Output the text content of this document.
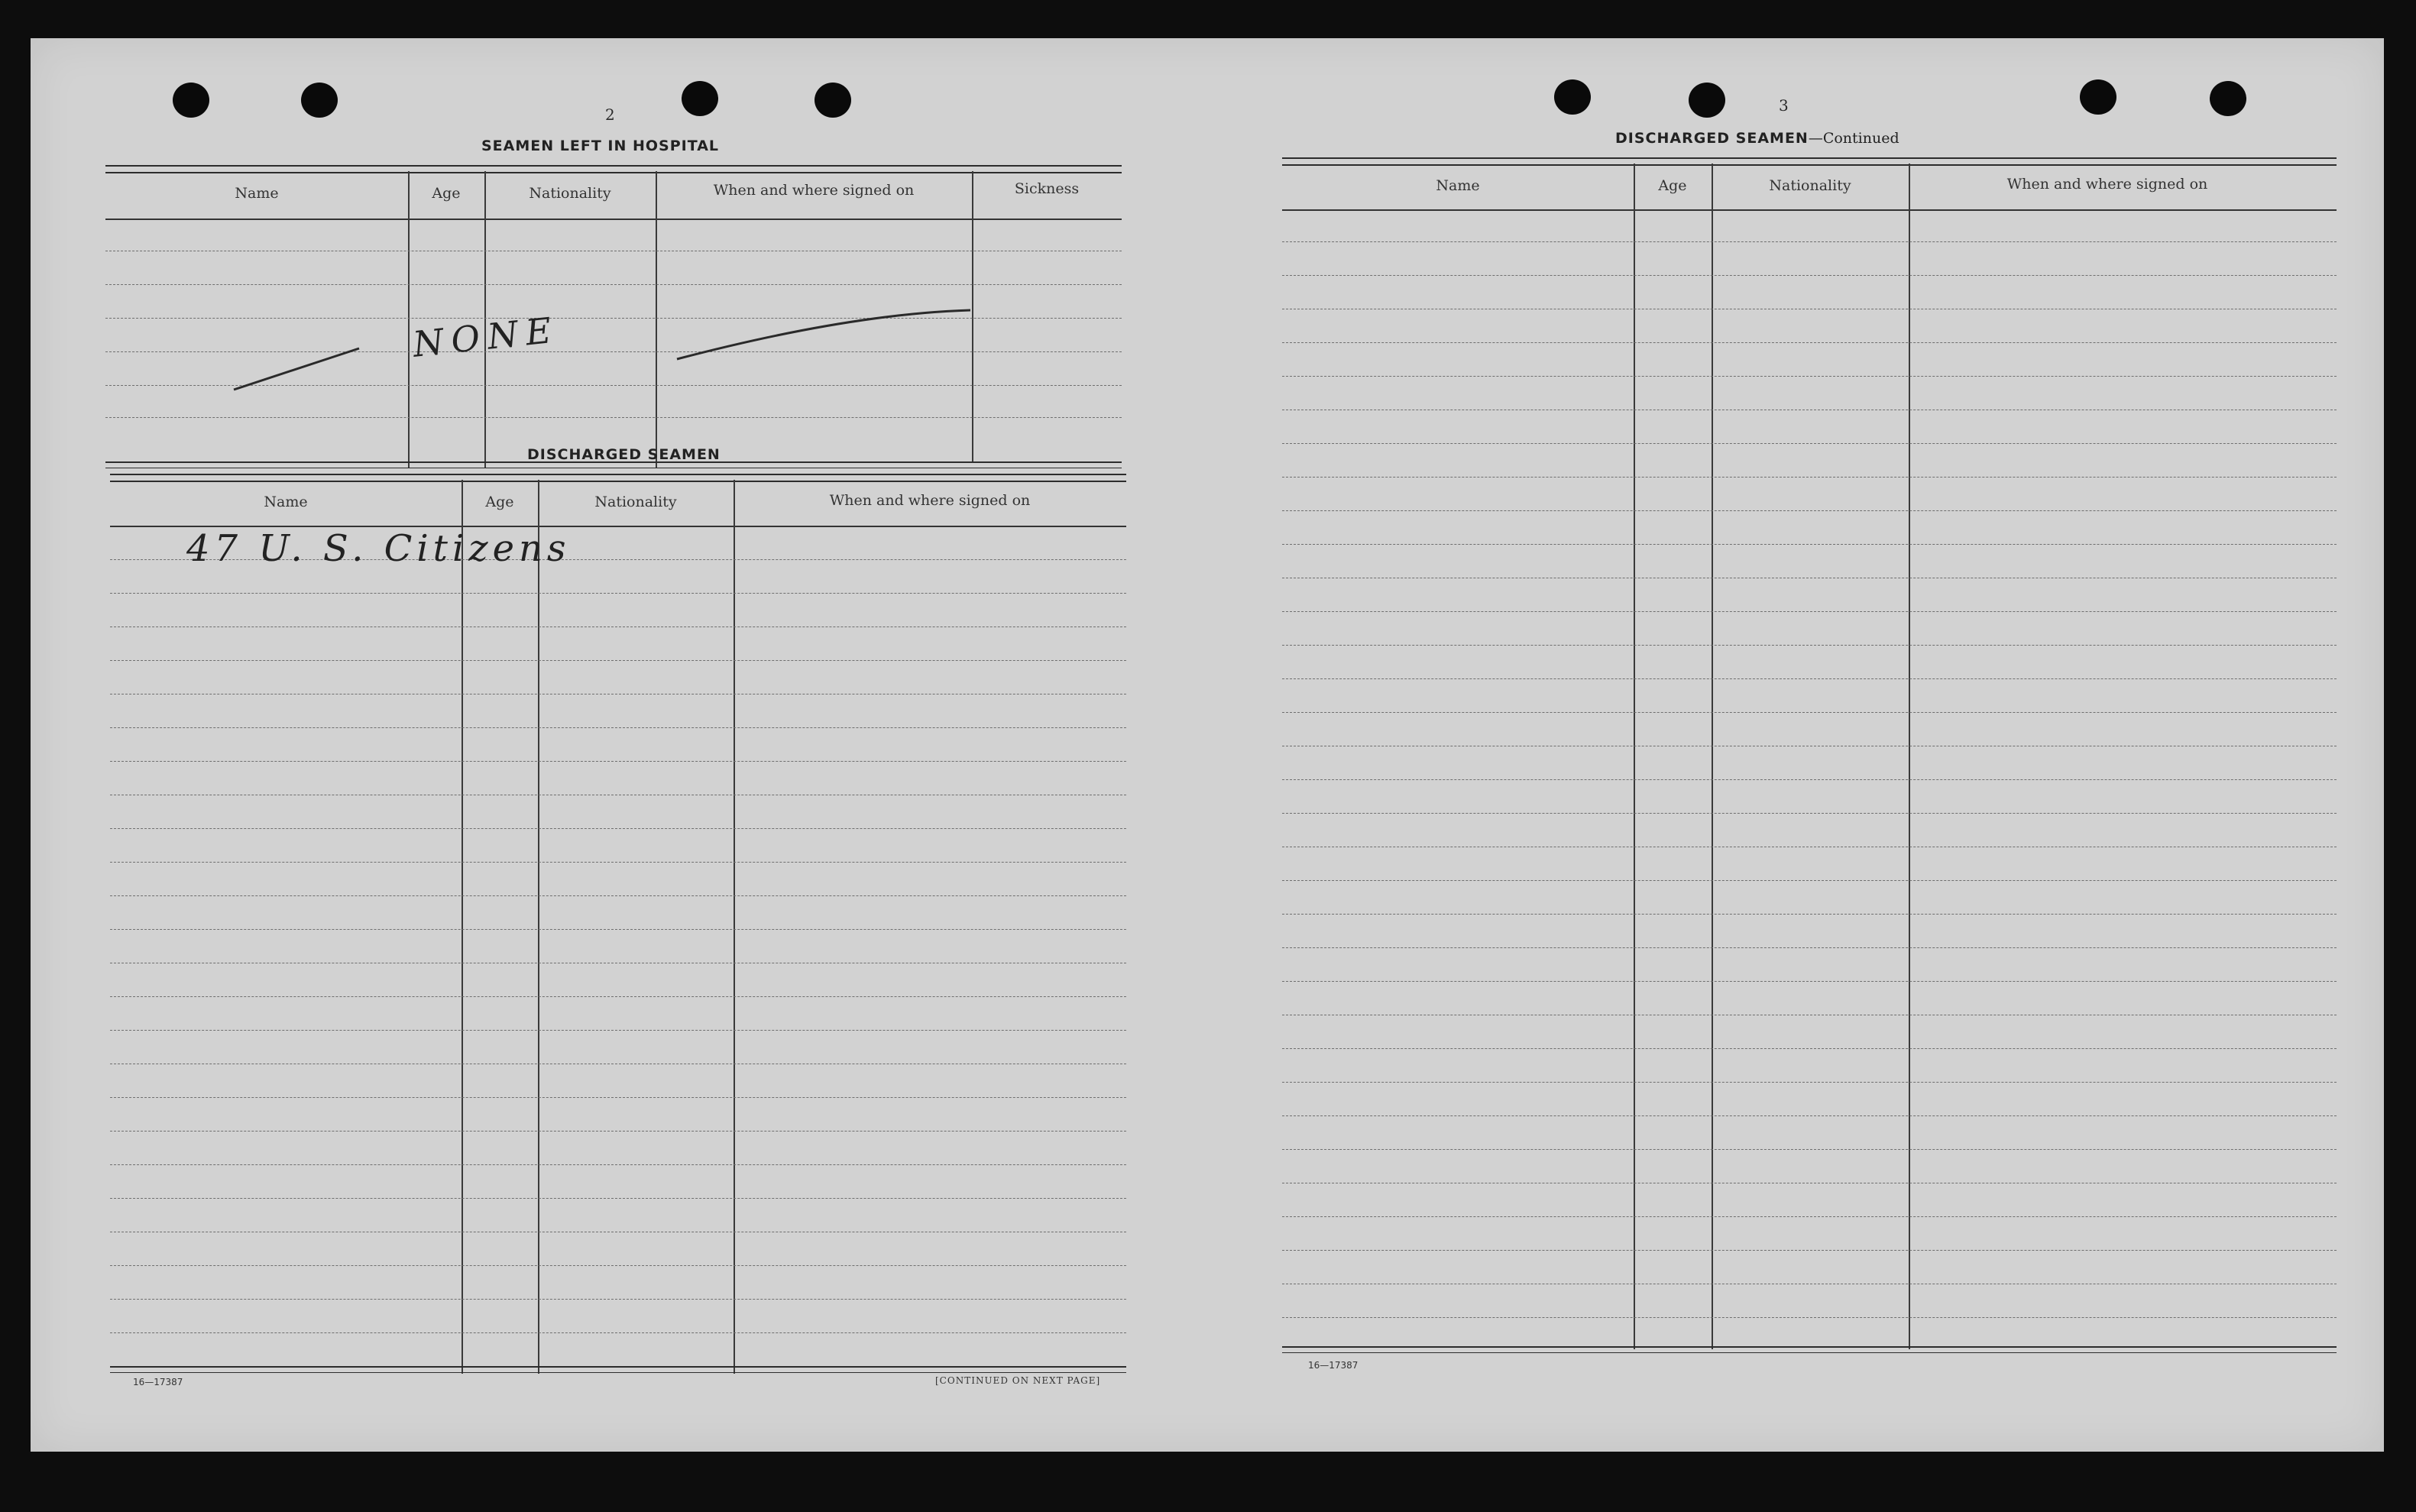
2
SEAMEN LEFT IN HOSPITAL
Name	Age	Nationality	When and where signed on	Sickness
NONE
DISCHARGED SEAMEN
Name	Age	Nationality	When and where signed on
47 U. S. Citizens
16—17387	[CONTINUED ON NEXT PAGE]
3
DISCHARGED SEAMEN—Continued
Name	Age	Nationality	When and where signed on
16—17387
